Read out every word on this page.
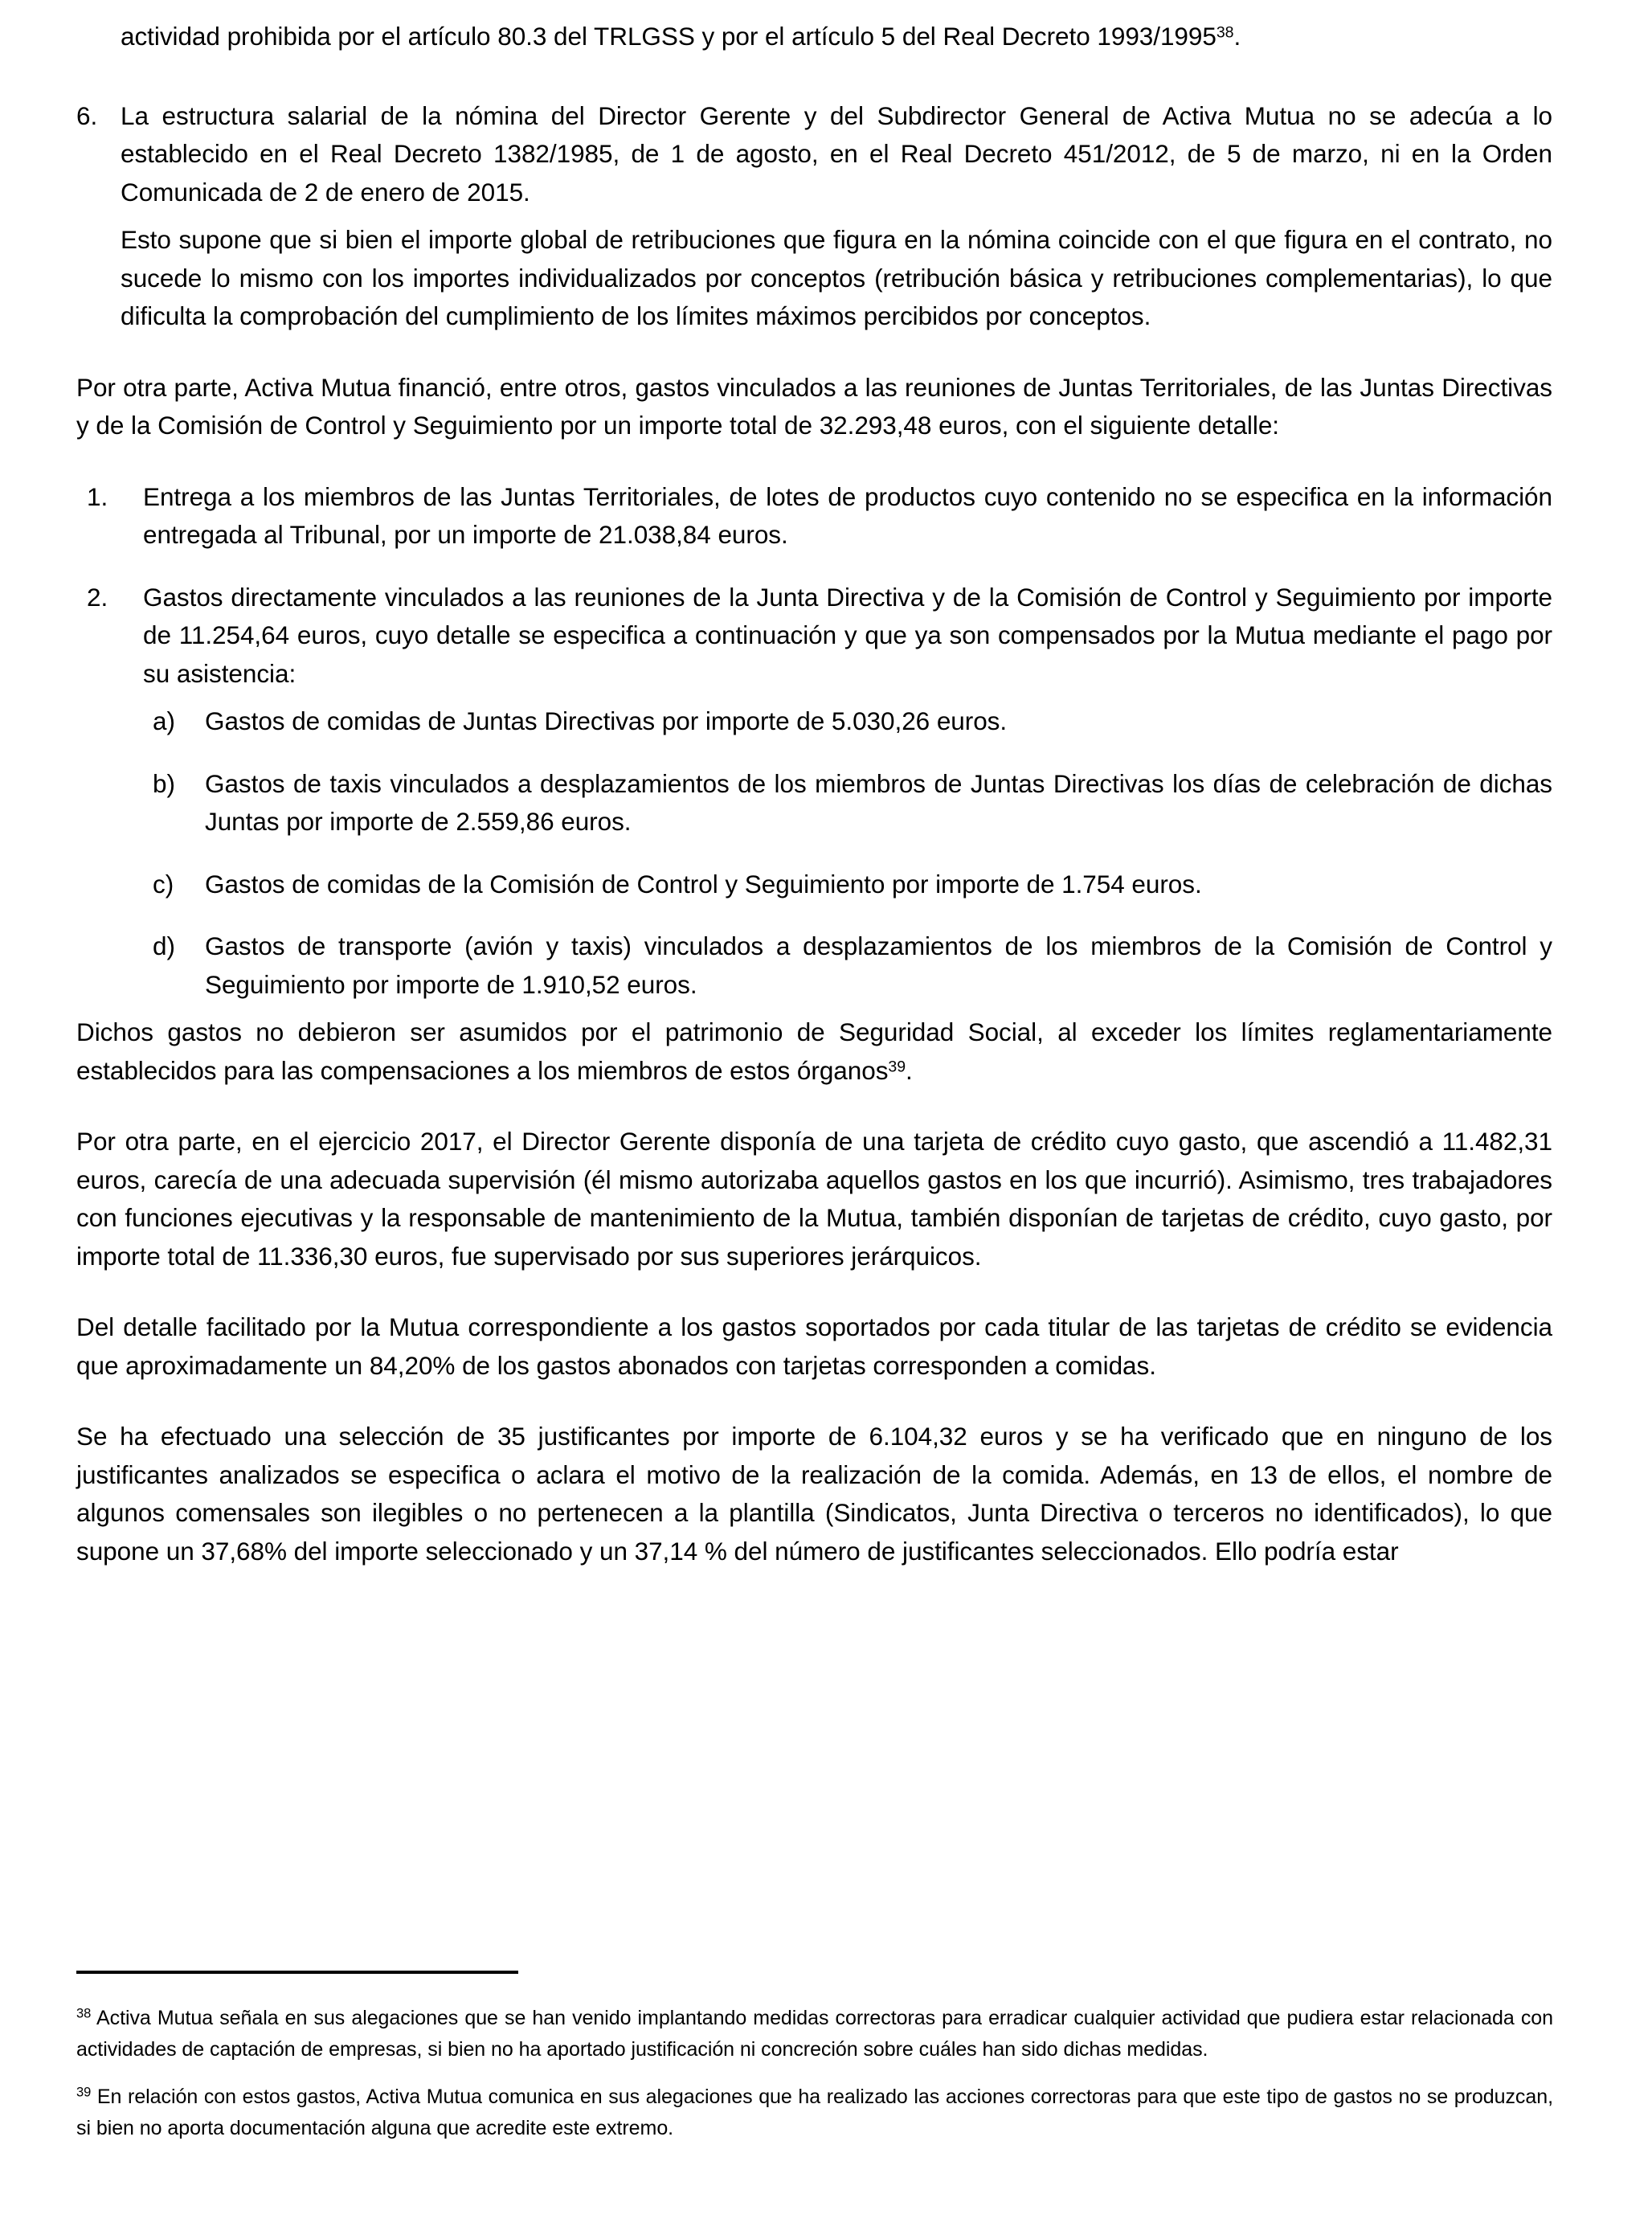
actividad prohibida por el artículo 80.3 del TRLGSS y por el artículo 5 del Real Decreto 1993/1995$^{38}$.

6. La estructura salarial de la nómina del Director Gerente y del Subdirector General de Activa Mutua no se adecúa a lo establecido en el Real Decreto 1382/1985, de 1 de agosto, en el Real Decreto 451/2012, de 5 de marzo, ni en la Orden Comunicada de 2 de enero de 2015.

Esto supone que si bien el importe global de retribuciones que figura en la nómina coincide con el que figura en el contrato, no sucede lo mismo con los importes individualizados por conceptos (retribución básica y retribuciones complementarias), lo que dificulta la comprobación del cumplimiento de los límites máximos percibidos por conceptos.

Por otra parte, Activa Mutua financió, entre otros, gastos vinculados a las reuniones de Juntas Territoriales, de las Juntas Directivas y de la Comisión de Control y Seguimiento por un importe total de 32.293,48 euros, con el siguiente detalle:

1.	Entrega a los miembros de las Juntas Territoriales, de lotes de productos cuyo contenido no se especifica en la información entregada al Tribunal, por un importe de 21.038,84 euros.
2.	Gastos directamente vinculados a las reuniones de la Junta Directiva y de la Comisión de Control y Seguimiento por importe de 11.254,64 euros, cuyo detalle se especifica a continuación y que ya son compensados por la Mutua mediante el pago por su asistencia:
a)	Gastos de comidas de Juntas Directivas por importe de 5.030,26 euros.
b)	Gastos de taxis vinculados a desplazamientos de los miembros de Juntas Directivas los días de celebración de dichas Juntas por importe de 2.559,86 euros.
c)	Gastos de comidas de la Comisión de Control y Seguimiento por importe de 1.754 euros.
d)	Gastos de transporte (avión y taxis) vinculados a desplazamientos de los miembros de la Comisión de Control y Seguimiento por importe de 1.910,52 euros.

Dichos gastos no debieron ser asumidos por el patrimonio de Seguridad Social, al exceder los límites reglamentariamente establecidos para las compensaciones a los miembros de estos órganos$^{39}$.

Por otra parte, en el ejercicio 2017, el Director Gerente disponía de una tarjeta de crédito cuyo gasto, que ascendió a 11.482,31 euros, carecía de una adecuada supervisión (él mismo autorizaba aquellos gastos en los que incurrió). Asimismo, tres trabajadores con funciones ejecutivas y la responsable de mantenimiento de la Mutua, también disponían de tarjetas de crédito, cuyo gasto, por importe total de 11.336,30 euros, fue supervisado por sus superiores jerárquicos.

Del detalle facilitado por la Mutua correspondiente a los gastos soportados por cada titular de las tarjetas de crédito se evidencia que aproximadamente un 84,20% de los gastos abonados con tarjetas corresponden a comidas.

Se ha efectuado una selección de 35 justificantes por importe de 6.104,32 euros y se ha verificado que en ninguno de los justificantes analizados se especifica o aclara el motivo de la realización de la comida. Además, en 13 de ellos, el nombre de algunos comensales son ilegibles o no pertenecen a la plantilla (Sindicatos, Junta Directiva o terceros no identificados), lo que supone un 37,68% del importe seleccionado y un 37,14 % del número de justificantes seleccionados. Ello podría estar

$^{38}$ Activa Mutua señala en sus alegaciones que se han venido implantando medidas correctoras para erradicar cualquier actividad que pudiera estar relacionada con actividades de captación de empresas, si bien no ha aportado justificación ni concreción sobre cuáles han sido dichas medidas.

$^{39}$ En relación con estos gastos, Activa Mutua comunica en sus alegaciones que ha realizado las acciones correctoras para que este tipo de gastos no se produzcan, si bien no aporta documentación alguna que acredite este extremo.
